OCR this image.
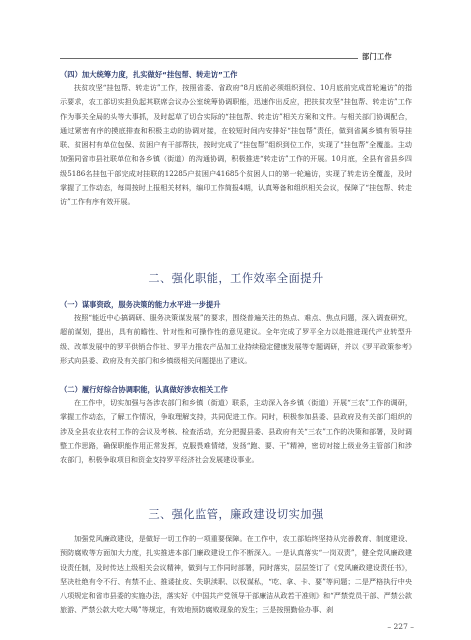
部门工作
（四）加大统筹力度，扎实做好“挂包帮、转走访”工作
扶贫攻坚“挂包帮、转走访”工作，按照省委、省政府“8月底前必须组织到位、10月底前完成首轮遍访”的指示要求，农工部切实担负起其联席会议办公室统筹协调职能，迅速作出反应，把扶贫攻坚“挂包帮、转走访”工作作为事关全局的头等大事抓，及时起草了切合实际的“挂包帮、转走访”相关方案和文件。与相关部门协调配合，通过紧密有序的摸底排查和积极主动的协调对接，在较短时间内安排好“挂包帮”责任，做到省属乡镇有领导挂联、贫困村有单位包保、贫困户有干部帮扶，按时完成了“挂包帮”组织到位工作，实现了“挂包帮”全覆盖。主动加强同省市县社联单位和各乡镇（街道）的沟通协调，积极推进“转走访”工作的开展。10月底，全县有省县乡四级5186名挂包干部完成对挂联的12285户贫困户41685个贫困人口的第一轮遍访，实现了转走访全覆盖，及时掌握了工作动态，每周按时上报相关材料，编印工作简报4期，认真筹备和组织相关会议，保障了“挂包帮、转走访”工作有序有效开展。
二、强化职能，工作效率全面提升
（一）谋事资政，服务决策的能力水平进一步提升
按照“能近中心搞调研、服务决策谋发展”的要求，围绕普遍关注的热点、难点、焦点问题，深入调查研究，超前谋划，提出，具有前瞻性、针对性和可操作性的意见建议。全年完成了罗平全力以赴推进现代产业转型升级、改革发展中的罗平供销合作社、罗平力推农产品加工业持续稳定健康发展等专题调研，并以《罗平政策参考》形式向县委、政府及有关部门和乡镇级相关问题提出了建议。
（二）履行好综合协调职能，认真做好涉农相关工作
在工作中，切实加强与各涉农部门和乡镇（街道）联系，主动深入各乡镇（街道）开展“三农”工作的调研，掌握工作动态，了解工作情况，争取理解支持，共同促进工作。同时，积极参加县委、县政府及有关部门组织的涉及全县农业农村工作的会议及考核、检查活动，充分把握县委、县政府有关“三农”工作的决策和部署，及时调整工作思路，确保职能作用正常发挥，克服畏难情绪，发扬“跑、要、干”精神，密切对接上级业务主管部门和涉农部门，积极争取项目和资金支持罗平经济社会发展建设事业。
三、强化监管，廉政建设切实加强
加强党风廉政建设，是做好一切工作的一项重要保障。在工作中，农工部始终坚持从完善教育、制度建设、预防腐败等方面加大力度，扎实推进本部门廉政建设工作不断深入。一是认真落实“一岗双责”，健全党风廉政建设责任制，及时传达上级相关会议精神，做到与工作同时部署，同时落实，层层签订了《党风廉政建设责任书》，坚决杜绝有令不行、有禁不止、推诿扯皮、失职渎职、以权谋私，“吃、拿、卡、要”等问题；二是严格执行中央八项规定和省市县委的实施办法，落实好《中国共产党领导干部廉洁从政若干准则》和“严禁党员干部、严禁公款旅游、严禁公款大吃大喝”等规定，有效地预防腐败现象的发生；三是按照勤俭办事、刹
– 227 –
